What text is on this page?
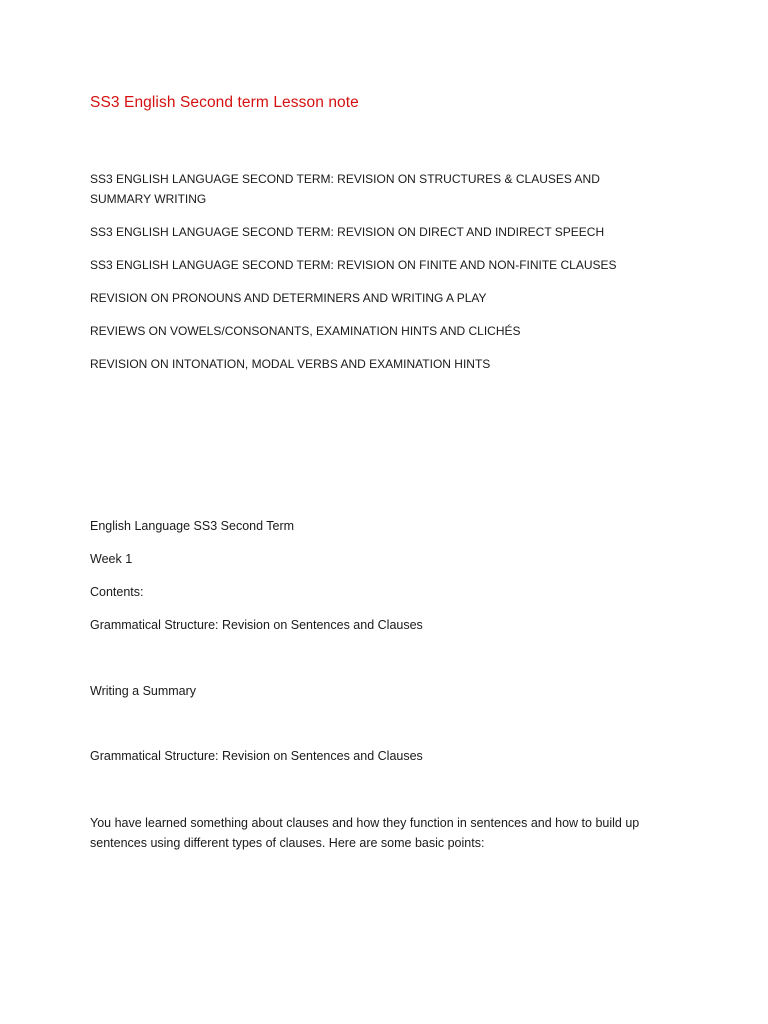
SS3 English Second term Lesson note
SS3 ENGLISH LANGUAGE SECOND TERM: REVISION ON STRUCTURES & CLAUSES AND SUMMARY WRITING
SS3 ENGLISH LANGUAGE SECOND TERM: REVISION ON DIRECT AND INDIRECT SPEECH
SS3 ENGLISH LANGUAGE SECOND TERM: REVISION ON FINITE AND NON-FINITE CLAUSES
REVISION ON PRONOUNS AND DETERMINERS AND WRITING A PLAY
REVIEWS ON VOWELS/CONSONANTS, EXAMINATION HINTS AND CLICHÉS
REVISION ON INTONATION, MODAL VERBS AND EXAMINATION HINTS

English Language SS3 Second Term

Week 1

Contents:

Grammatical Structure: Revision on Sentences and Clauses

Writing a Summary

Grammatical Structure: Revision on Sentences and Clauses

You have learned something about clauses and how they function in sentences and how to build up sentences using different types of clauses. Here are some basic points:
